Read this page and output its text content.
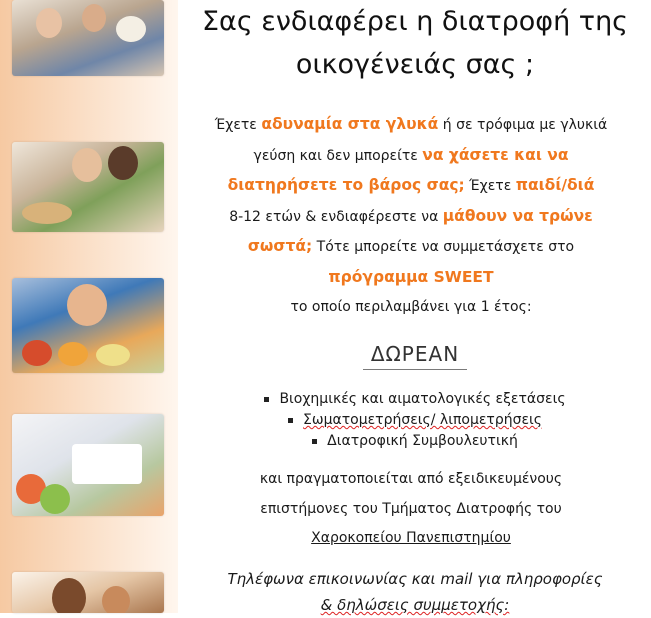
Σας ενδιαφέρει η διατροφή της
οικογένειάς σας ;
Έχετε αδυναμία στα γλυκά ή σε τρόφιμα με γλυκιά
γεύση και δεν μπορείτε να χάσετε και να
διατηρήσετε το βάρος σας; Έχετε παιδί/διά
8-12 ετών & ενδιαφέρεστε να μάθουν να τρώνε
σωστά; Τότε μπορείτε να συμμετάσχετε στο
πρόγραμμα SWEET
το οποίο περιλαμβάνει για 1 έτος:
ΔΩΡΕΑΝ
Βιοχημικές και αιματολογικές εξετάσεις
Σωματομετρήσεις/ λιπομετρήσεις
Διατροφική Συμβουλευτική
και πραγματοποιείται από εξειδικευμένους
επιστήμονες του Τμήματος Διατροφής του
Χαροκοπείου Πανεπιστημίου
Τηλέφωνα επικοινωνίας και mail για πληροφορίες
& δηλώσεις συμμετοχής:
